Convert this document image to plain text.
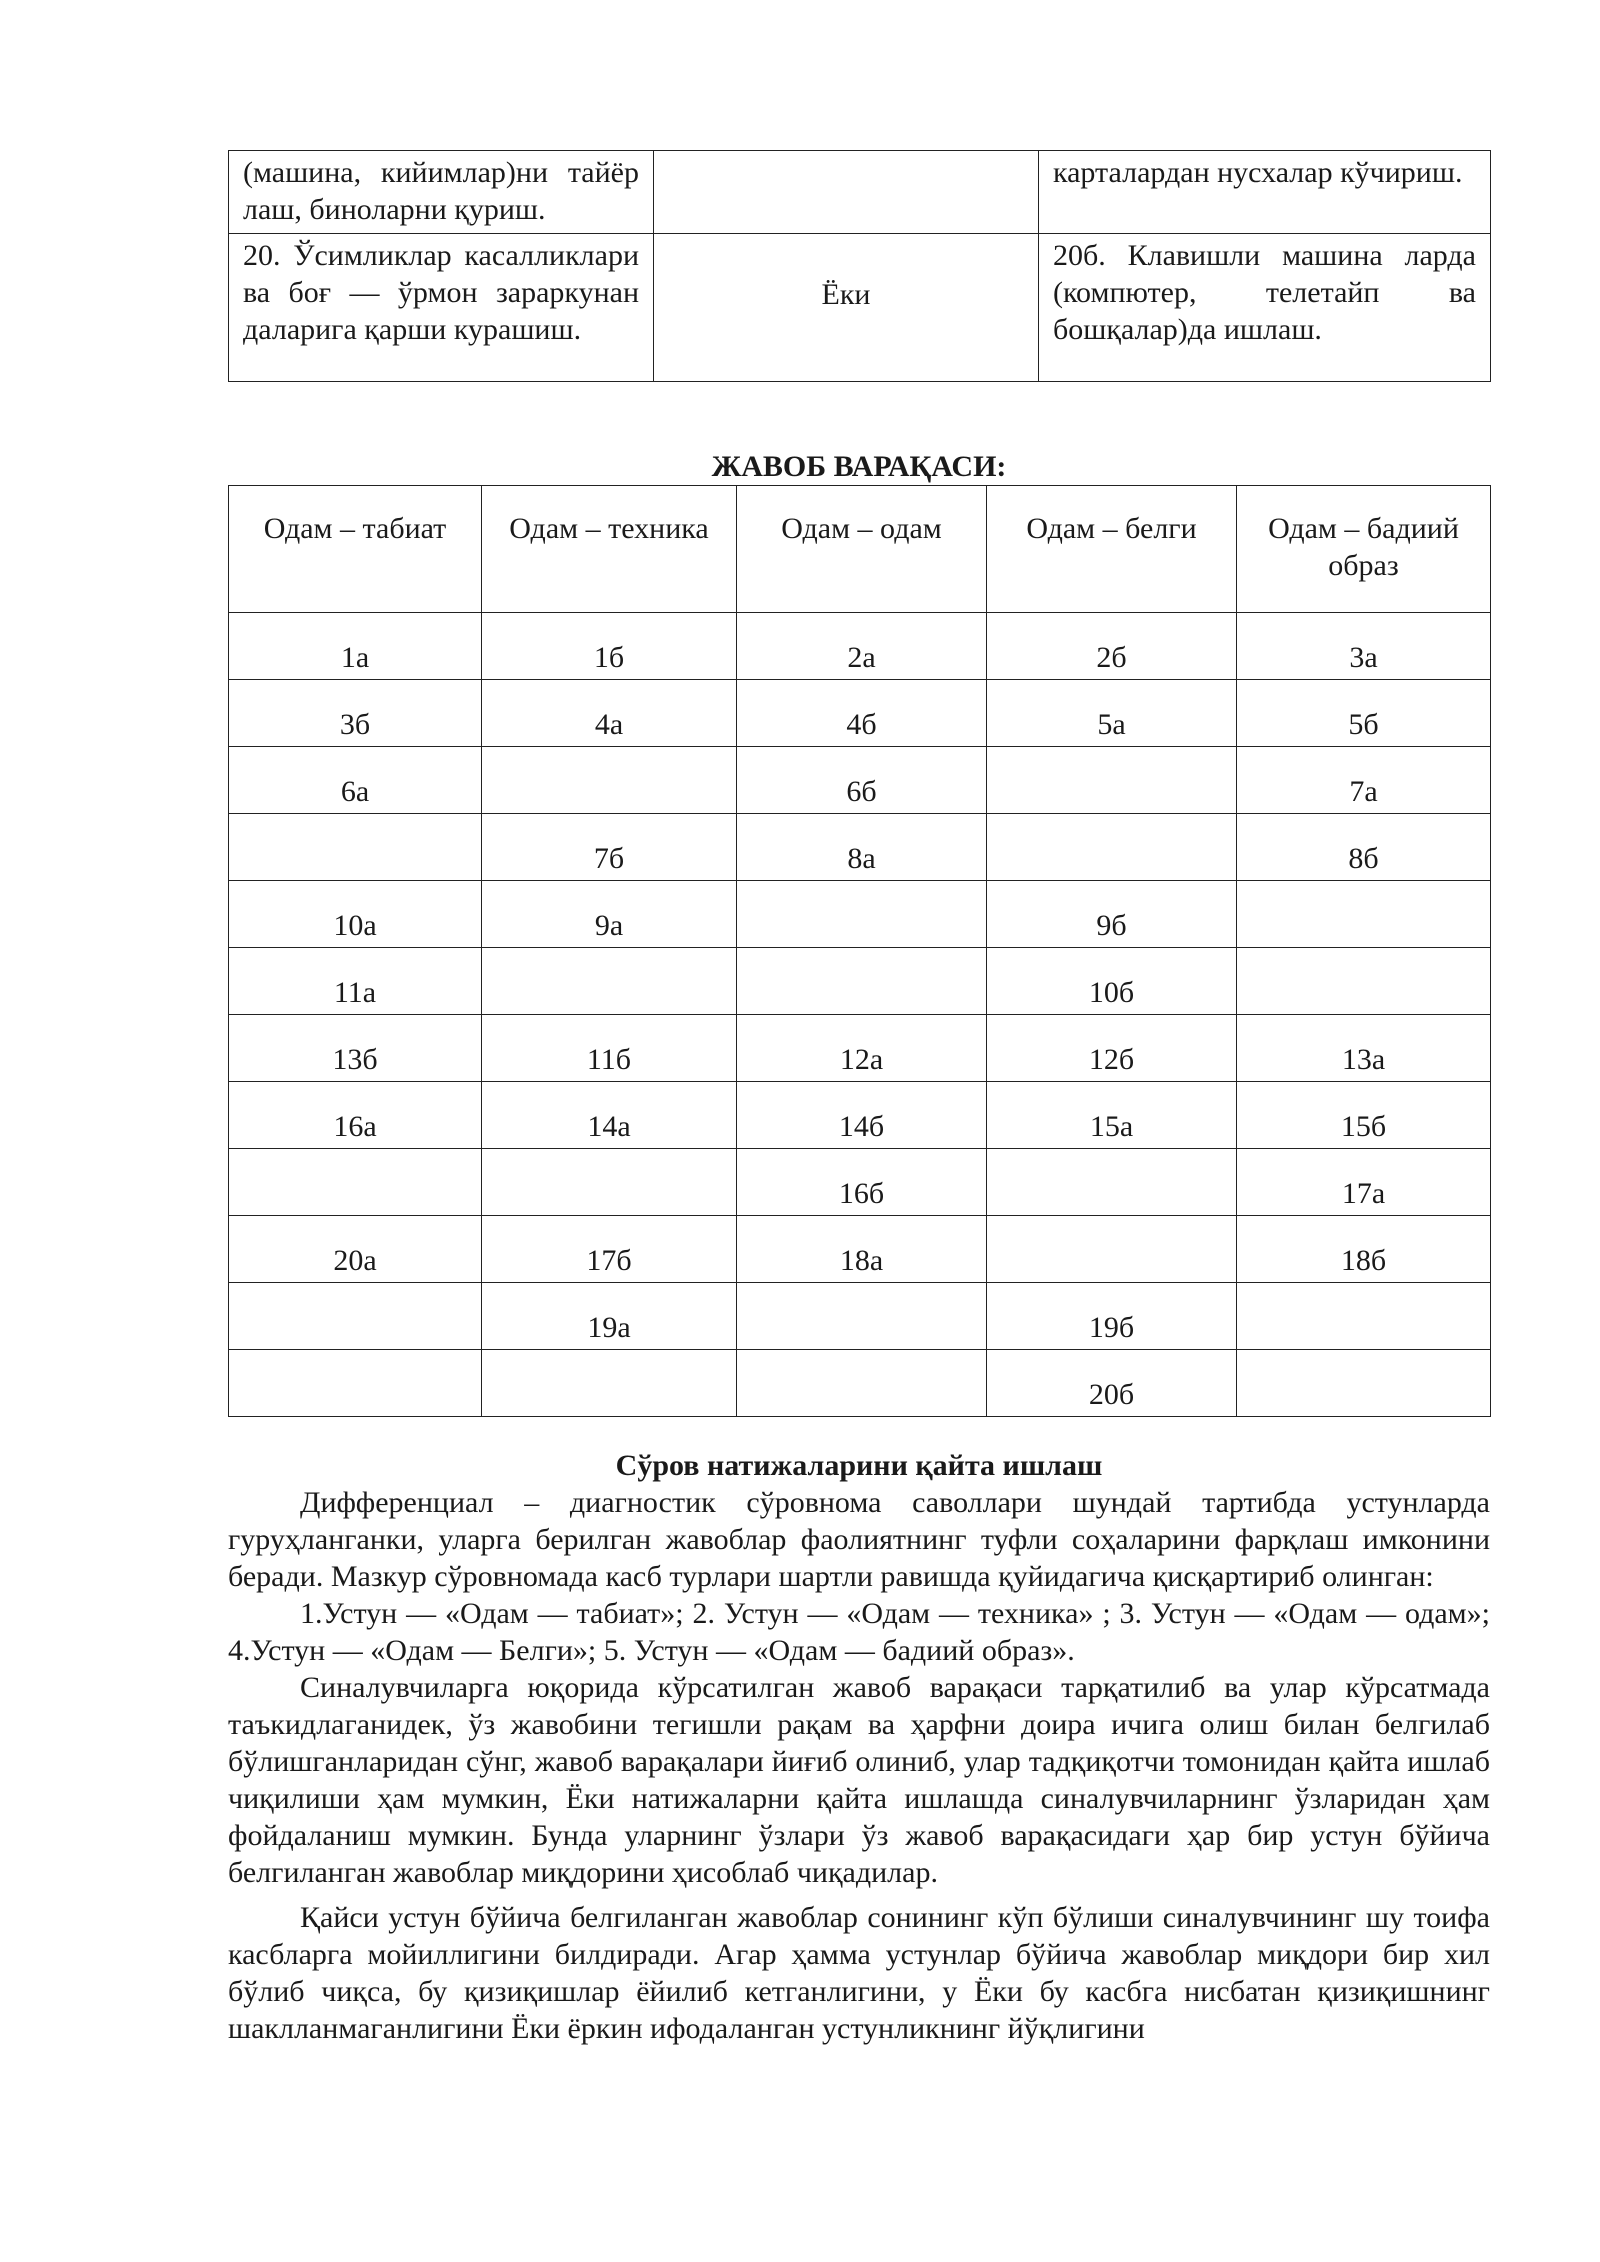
(машина, кийимлар)ни тайёр лаш, биноларни қуриш.		карталардан нусхалар кўчириш.
20. Ўсимликлар касалликлари ва боғ — ўрмон зараркунан даларига қарши курашиш.	Ёки	20б. Клавишли машина ларда (компютер, телетайп ва бошқалар)да ишлаш.
ЖАВОБ ВАРАҚАСИ:
Одам – табиат	Одам – техника	Одам – одам	Одам – белги	Одам – бадиий образ

1а	1б	2а	2б	3а

3б	4а	4б	5а	5б

6а		6б		7а

	7б	8а		8б

10а	9а		9б	

11а			10б	

13б	11б	12а	12б	13а

16а	14а	14б	15а	15б

		16б		17а

20а	17б	18а		18б

	19а		19б	

			20б	

Сўров натижаларини қайта ишлаш

Дифференциал – диагностик сўровнома саволлари шундай тартибда устунларда гуруҳланганки, уларга берилган жавоблар фаолиятнинг туфли соҳаларини фарқлаш имконини беради. Мазкур сўровномада касб турлари шартли равишда қуйидагича қисқартириб олинган:

1.Устун — «Одам — табиат»; 2. Устун — «Одам — техника» ; 3. Устун — «Одам — одам»; 4.Устун — «Одам — Белги»; 5. Устун — «Одам — бадиий образ».

Синалувчиларга юқорида кўрсатилган жавоб варақаси тарқатилиб ва улар кўрсатмада таъкидлаганидек, ўз жавобини тегишли рақам ва ҳарфни доира ичига олиш билан белгилаб бўлишганларидан сўнг, жавоб варақалари йиғиб олиниб, улар тадқиқотчи томонидан қайта ишлаб чиқилиши ҳам мумкин, Ёки натижаларни қайта ишлашда синалувчиларнинг ўзларидан ҳам фойдаланиш мумкин. Бунда уларнинг ўзлари ўз жавоб варақасидаги ҳар бир устун бўйича белгиланган жавоблар миқдорини ҳисоблаб чиқадилар.

Қайси устун бўйича белгиланган жавоблар сонининг кўп бўлиши синалувчининг шу тоифа касбларга мойиллигини билдиради. Агар ҳамма устунлар бўйича жавоблар миқдори бир хил бўлиб чиқса, бу қизиқишлар ёйилиб кетганлигини, у Ёки бу касбга нисбатан қизиқишнинг шаклланмаганлигини Ёки ёркин ифодаланган устунликнинг йўқлигини
